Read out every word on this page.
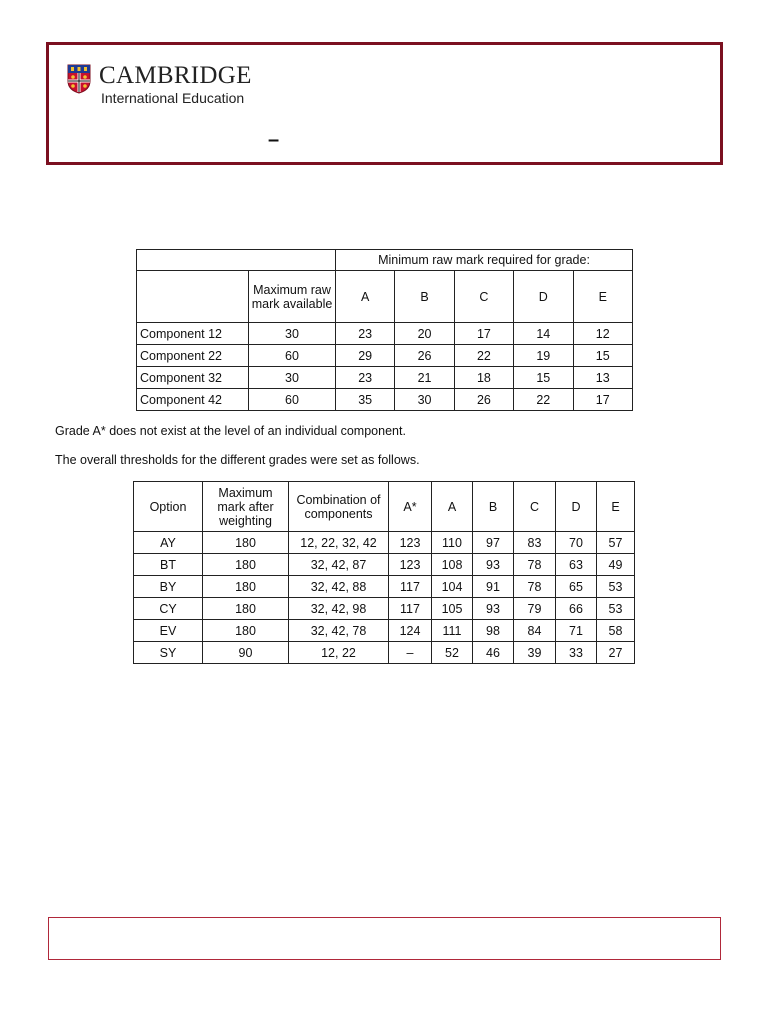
CAMBRIDGE
International Education
–
		Minimum raw mark required for grade:				
	Maximum raw mark available	A	B	C	D	E
Component 12	30	23	20	17	14	12
Component 22	60	29	26	22	19	15
Component 32	30	23	21	18	15	13
Component 42	60	35	30	26	22	17
Grade A* does not exist at the level of an individual component.
The overall thresholds for the different grades were set as follows.
Option	Maximum mark after weighting	Combination of components	A*	A	B	C	D	E
AY	180	12, 22, 32, 42	123	110	97	83	70	57
BT	180	32, 42, 87	123	108	93	78	63	49
BY	180	32, 42, 88	117	104	91	78	65	53
CY	180	32, 42, 98	117	105	93	79	66	53
EV	180	32, 42, 78	124	111	98	84	71	58
SY	90	12, 22	–	52	46	39	33	27
